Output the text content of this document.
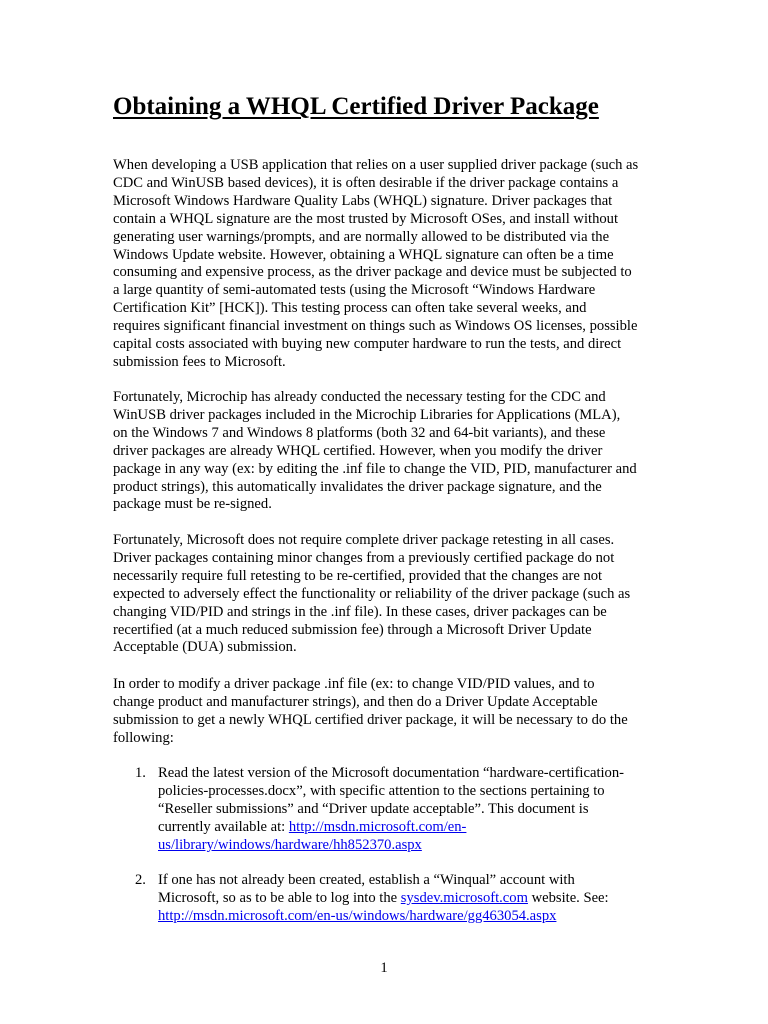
Obtaining a WHQL Certified Driver Package

When developing a USB application that relies on a user supplied driver package (such as
CDC and WinUSB based devices), it is often desirable if the driver package contains a
Microsoft Windows Hardware Quality Labs (WHQL) signature. Driver packages that
contain a WHQL signature are the most trusted by Microsoft OSes, and install without
generating user warnings/prompts, and are normally allowed to be distributed via the
Windows Update website. However, obtaining a WHQL signature can often be a time
consuming and expensive process, as the driver package and device must be subjected to
a large quantity of semi-automated tests (using the Microsoft “Windows Hardware
Certification Kit” [HCK]). This testing process can often take several weeks, and
requires significant financial investment on things such as Windows OS licenses, possible
capital costs associated with buying new computer hardware to run the tests, and direct
submission fees to Microsoft.

Fortunately, Microchip has already conducted the necessary testing for the CDC and
WinUSB driver packages included in the Microchip Libraries for Applications (MLA),
on the Windows 7 and Windows 8 platforms (both 32 and 64-bit variants), and these
driver packages are already WHQL certified. However, when you modify the driver
package in any way (ex: by editing the .inf file to change the VID, PID, manufacturer and
product strings), this automatically invalidates the driver package signature, and the
package must be re-signed.

Fortunately, Microsoft does not require complete driver package retesting in all cases.
Driver packages containing minor changes from a previously certified package do not
necessarily require full retesting to be re-certified, provided that the changes are not
expected to adversely effect the functionality or reliability of the driver package (such as
changing VID/PID and strings in the .inf file). In these cases, driver packages can be
recertified (at a much reduced submission fee) through a Microsoft Driver Update
Acceptable (DUA) submission.

In order to modify a driver package .inf file (ex: to change VID/PID values, and to
change product and manufacturer strings), and then do a Driver Update Acceptable
submission to get a newly WHQL certified driver package, it will be necessary to do the
following:

1. Read the latest version of the Microsoft documentation “hardware-certification-
policies-processes.docx”, with specific attention to the sections pertaining to
“Reseller submissions” and “Driver update acceptable”. This document is
currently available at: http://msdn.microsoft.com/en-
us/library/windows/hardware/hh852370.aspx
2. If one has not already been created, establish a “Winqual” account with
Microsoft, so as to be able to log into the sysdev.microsoft.com website. See:
http://msdn.microsoft.com/en-us/windows/hardware/gg463054.aspx
1
